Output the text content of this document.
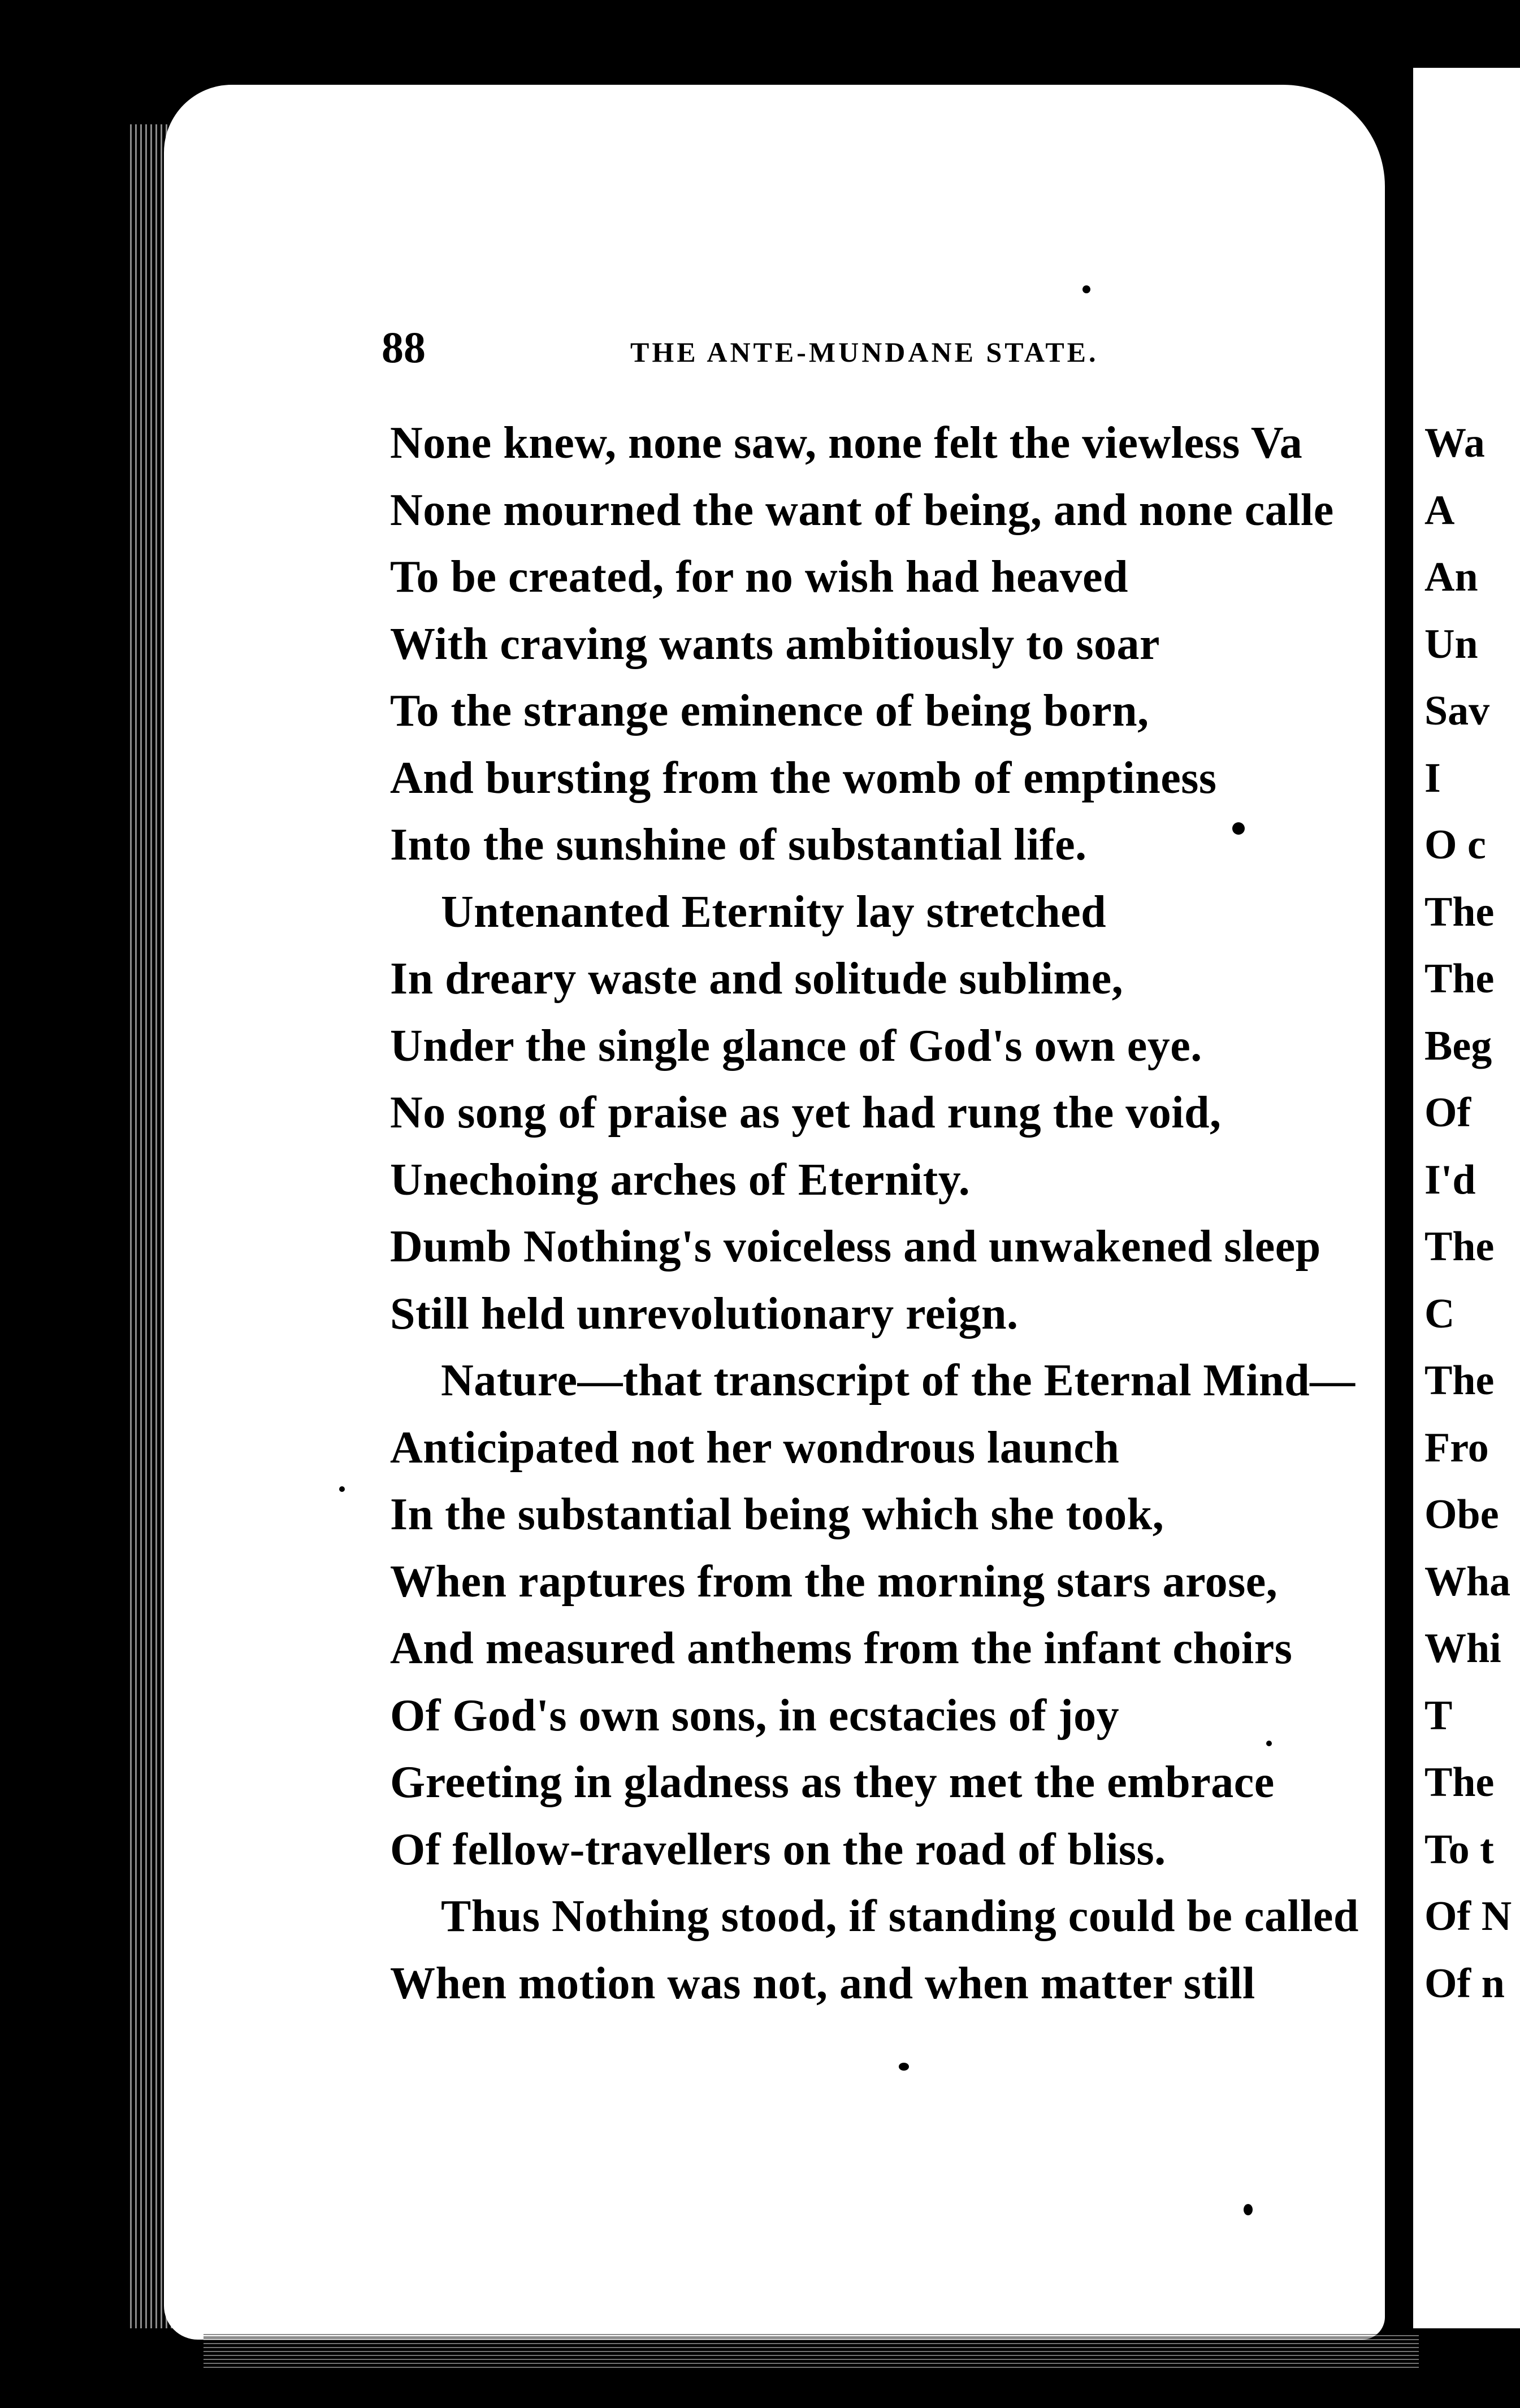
88	THE ANTE-MUNDANE STATE.
None knew, none saw, none felt the viewless Va
None mourned the want of being, and none calle
To be created, for no wish had heaved
With craving wants ambitiously to soar
To the strange eminence of being born,
And bursting from the womb of emptiness
Into the sunshine of substantial life.
Untenanted Eternity lay stretched
In dreary waste and solitude sublime,
Under the single glance of God's own eye.
No song of praise as yet had rung the void,
Unechoing arches of Eternity.
Dumb Nothing's voiceless and unwakened sleep
Still held unrevolutionary reign.
Nature—that transcript of the Eternal Mind—
Anticipated not her wondrous launch
In the substantial being which she took,
When raptures from the morning stars arose,
And measured anthems from the infant choirs
Of God's own sons, in ecstacies of joy
Greeting in gladness as they met the embrace
Of fellow-travellers on the road of bliss.
Thus Nothing stood, if standing could be called
When motion was not, and when matter still
Wa
A
An
Un
Sav
I
O c
The
The
Beg
Of
I'd
The
C
The
Fro
Obe
Wha
Whi
T
The
To t
Of N
Of n
